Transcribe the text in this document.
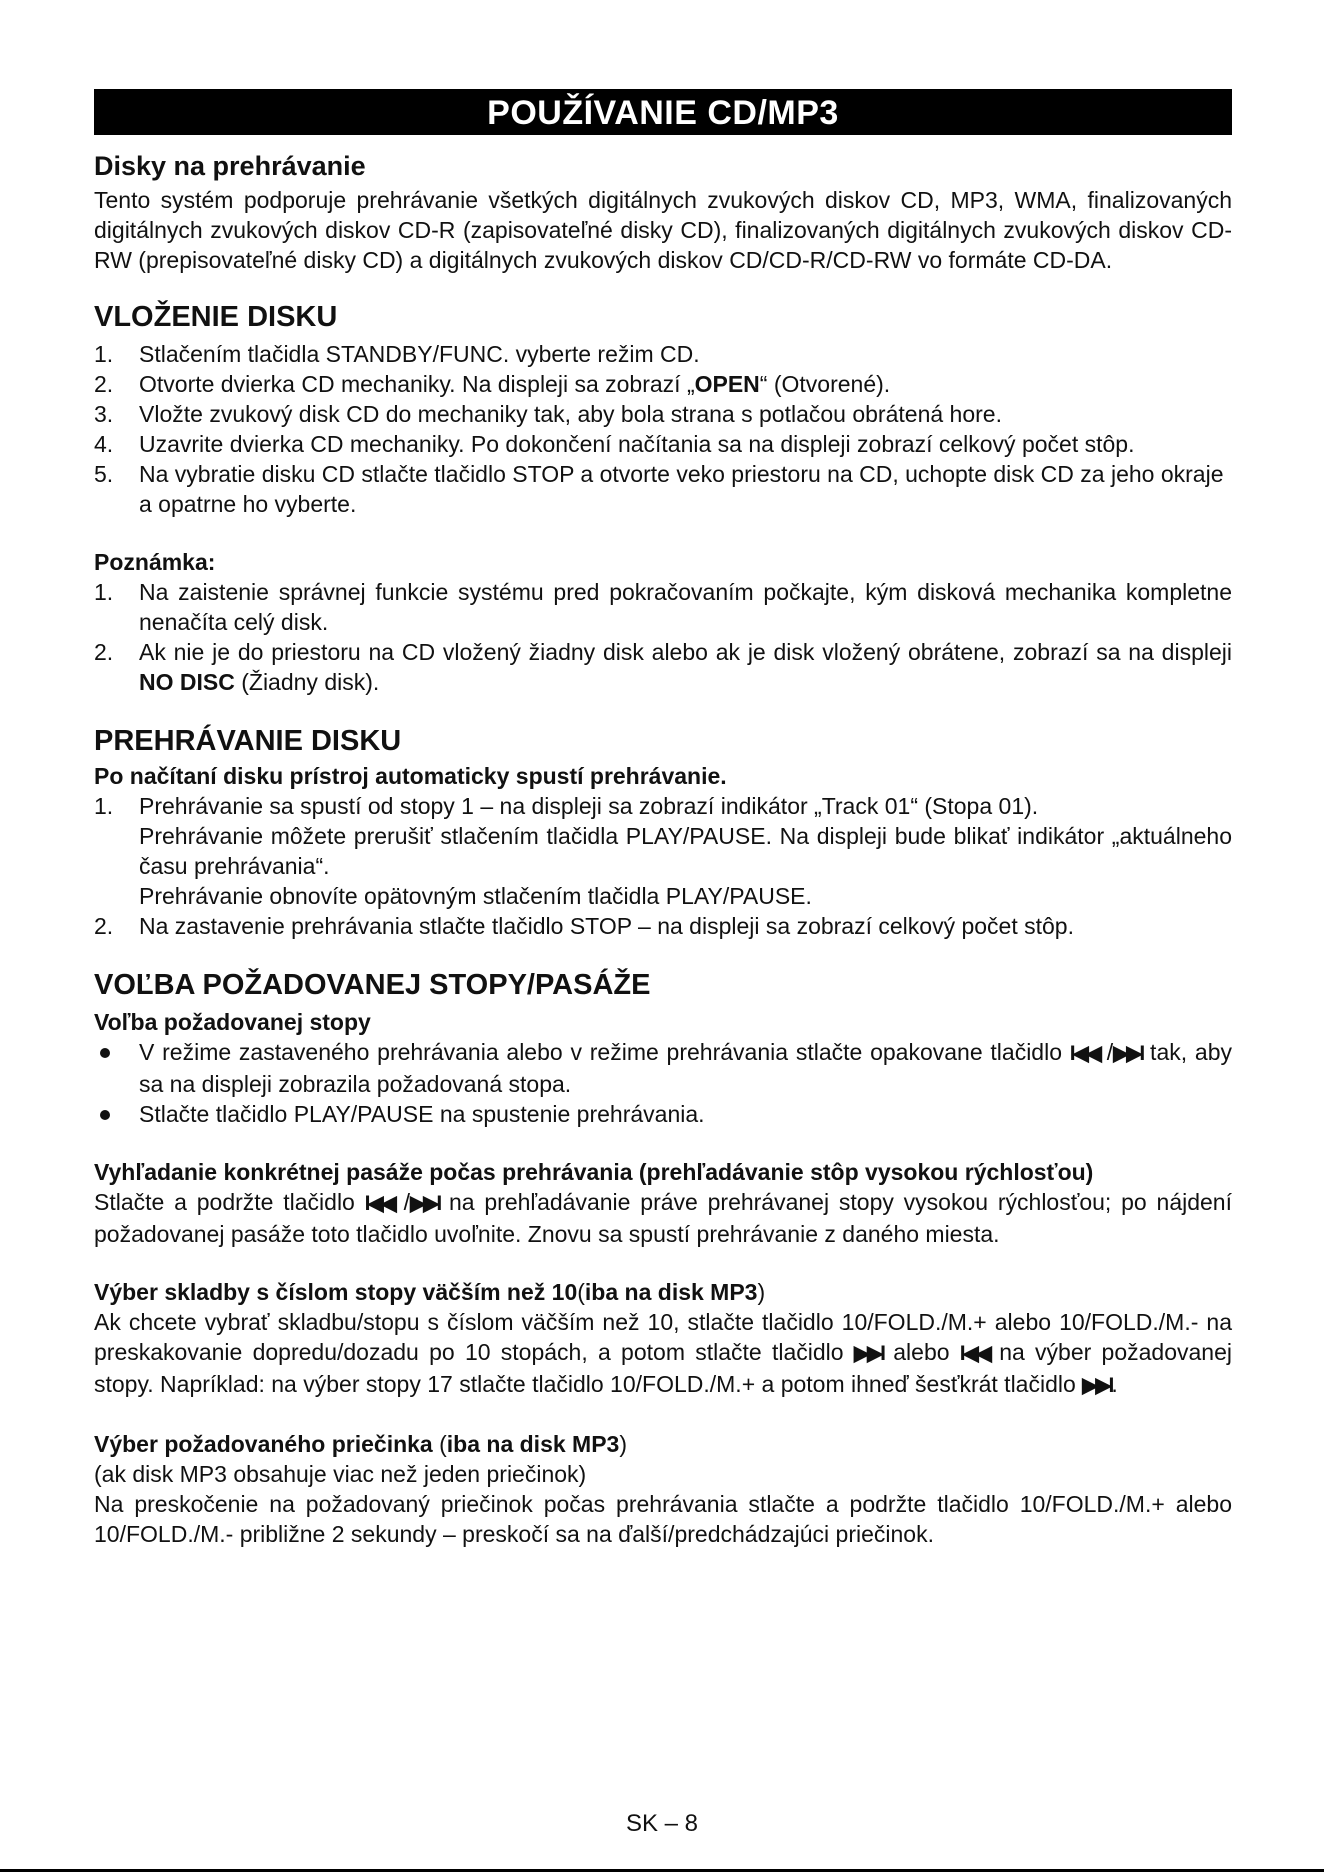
POUŽÍVANIE CD/MP3
Disky na prehrávanie

Tento systém podporuje prehrávanie všetkých digitálnych zvukových diskov CD, MP3, WMA, finalizovaných digitálnych zvukových diskov CD-R (zapisovateľné disky CD), finalizovaných digitálnych zvukových diskov CD-RW (prepisovateľné disky CD) a digitálnych zvukových diskov CD/CD-R/CD-RW vo formáte CD-DA.

VLOŽENIE DISKU
1. Stlačením tlačidla STANDBY/FUNC. vyberte režim CD.
2. Otvorte dvierka CD mechaniky. Na displeji sa zobrazí „OPEN“ (Otvorené).
3. Vložte zvukový disk CD do mechaniky tak, aby bola strana s potlačou obrátená hore.
4. Uzavrite dvierka CD mechaniky. Po dokončení načítania sa na displeji zobrazí celkový počet stôp.
5. Na vybratie disku CD stlačte tlačidlo STOP a otvorte veko priestoru na CD, uchopte disk CD za jeho okraje a opatrne ho vyberte.
Poznámka:
1. Na zaistenie správnej funkcie systému pred pokračovaním počkajte, kým disková mechanika kompletne nenačíta celý disk.
2. Ak nie je do priestoru na CD vložený žiadny disk alebo ak je disk vložený obrátene, zobrazí sa na displeji NO DISC (Žiadny disk).
PREHRÁVANIE DISKU
Po načítaní disku prístroj automaticky spustí prehrávanie.
1. Prehrávanie sa spustí od stopy 1 – na displeji sa zobrazí indikátor „Track 01“ (Stopa 01).
Prehrávanie môžete prerušiť stlačením tlačidla PLAY/PAUSE. Na displeji bude blikať indikátor „aktuálneho času prehrávania“.
Prehrávanie obnovíte opätovným stlačením tlačidla PLAY/PAUSE.
2. Na zastavenie prehrávania stlačte tlačidlo STOP – na displeji sa zobrazí celkový počet stôp.
VOĽBA POŽADOVANEJ STOPY/PASÁŽE
Voľba požadovanej stopy
V režime zastaveného prehrávania alebo v režime prehrávania stlačte opakovane tlačidlo I◀◀ /▶▶I tak, aby sa na displeji zobrazila požadovaná stopa.
Stlačte tlačidlo PLAY/PAUSE na spustenie prehrávania.
Vyhľadanie konkrétnej pasáže počas prehrávania (prehľadávanie stôp vysokou rýchlosťou)

Stlačte a podržte tlačidlo I◀◀ /▶▶I na prehľadávanie práve prehrávanej stopy vysokou rýchlosťou; po nájdení požadovanej pasáže toto tlačidlo uvoľnite. Znovu sa spustí prehrávanie z daného miesta.

Výber skladby s číslom stopy väčším než 10(iba na disk MP3)

Ak chcete vybrať skladbu/stopu s číslom väčším než 10, stlačte tlačidlo 10/FOLD./M.+ alebo 10/FOLD./M.- na preskakovanie dopredu/dozadu po 10 stopách, a potom stlačte tlačidlo ▶▶I alebo I◀◀ na výber požadovanej stopy. Napríklad: na výber stopy 17 stlačte tlačidlo 10/FOLD./M.+ a potom ihneď šesťkrát tlačidlo ▶▶I.

Výber požadovaného priečinka (iba na disk MP3)

(ak disk MP3 obsahuje viac než jeden priečinok)

Na preskočenie na požadovaný priečinok počas prehrávania stlačte a podržte tlačidlo 10/FOLD./M.+ alebo 10/FOLD./M.- približne 2 sekundy – preskočí sa na ďalší/predchádzajúci priečinok.

SK – 8
